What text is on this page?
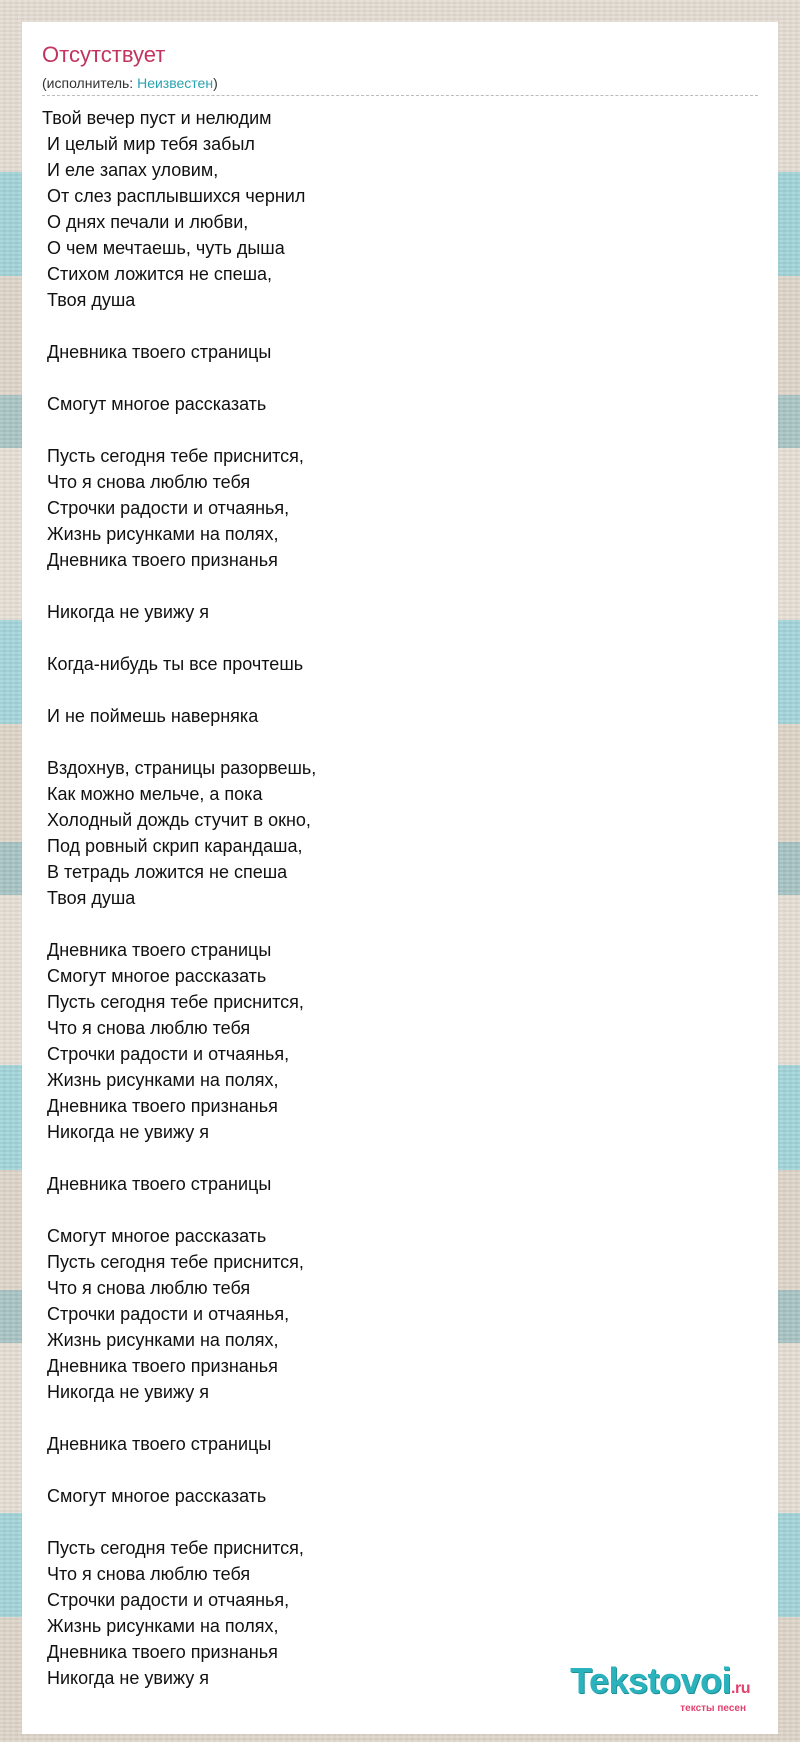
Отсутствует
(исполнитель: Неизвестен)
Твой вечер пуст и нелюдим
И целый мир тебя забыл
И еле запах уловим,
От слез расплывшихся чернил
О днях печали и любви,
О чем мечтаешь, чуть дыша
Стихом ложится не спеша,
Твоя душа
Дневника твоего страницы
Смогут многое рассказать
Пусть сегодня тебе приснится,
Что я снова люблю тебя
Строчки радости и отчаянья,
Жизнь рисунками на полях,
Дневника твоего признанья
Никогда не увижу я
Когда-нибудь ты все прочтешь
И не поймешь наверняка
Вздохнув, страницы разорвешь,
Как можно мельче, а пока
Холодный дождь стучит в окно,
Под ровный скрип карандаша,
В тетрадь ложится не спеша
Твоя душа
Дневника твоего страницы
Смогут многое рассказать
Пусть сегодня тебе приснится,
Что я снова люблю тебя
Строчки радости и отчаянья,
Жизнь рисунками на полях,
Дневника твоего признанья
Никогда не увижу я
Дневника твоего страницы
Смогут многое рассказать
Пусть сегодня тебе приснится,
Что я снова люблю тебя
Строчки радости и отчаянья,
Жизнь рисунками на полях,
Дневника твоего признанья
Никогда не увижу я
Дневника твоего страницы
Смогут многое рассказать
Пусть сегодня тебе приснится,
Что я снова люблю тебя
Строчки радости и отчаянья,
Жизнь рисунками на полях,
Дневника твоего признанья
Никогда не увижу я	Tekstovoi.ru
тексты песен
